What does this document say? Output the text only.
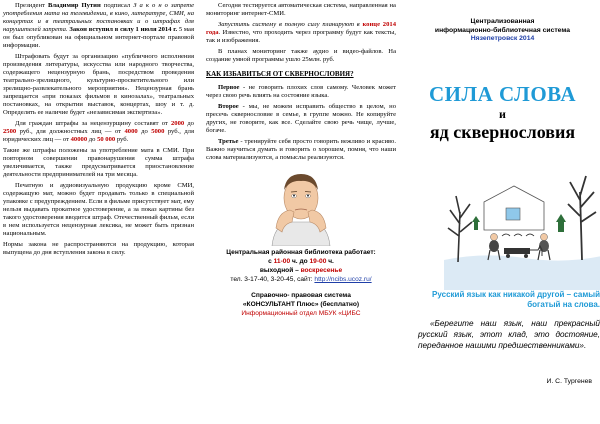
Президент Владимир Путин подписал З а к о н о запрете употребления мата на телевидении, в кино, литературе, СМИ, на концертах и в театральных постановках и о штрафах для нарушителей запрета. Закон вступил в силу 1 июля 2014 г. 5 мая он был опубликован на официальном интернет-портале правовой информации.

Штрафовать будут за организацию «публичного исполнения произведения литературы, искусства или народного творчества, содержащего нецензурную брань, посредством проведения театрально-зрелищного, культурно-просветительного или зрелищно-развлекательного мероприятия». Нецензурная брань запрещается «при показах фильмов в кинозалах», театральных постановках, на открытии выставок, концертах, шоу и т. д. Определять ее наличие будет «независимая экспертиза».

Для граждан штрафы за нецензурщину составят от 2000 до 2500 руб., для должностных лиц — от 4000 до 5000 руб., для юридических лиц — от 40000 до 50 000 руб.

Такие же штрафы положены за употребление мата в СМИ. При повторном совершении правонарушения сумма штрафа увеличивается, также предусматривается приостановление деятельности предпринимателей на три месяца.

Печатную и аудиовизуальную продукцию кроме СМИ, содержащую мат, можно будет продавать только в специальной упаковке с предупреждением. Если в фильме присутствует мат, ему нельзя выдавать прокатное удостоверение, а за показ картины без такого удостоверения вводится штраф. Отечественный фильм, если в нем используется нецензурная лексика, не может быть признан национальным.

Нормы закона не распространяются на продукцию, которая выпущена до дня вступления закона в силу.

Сегодня тестируется автоматическая система, направленная на мониторинг интернет-СМИ.

Запустить систему в полную силу планируют в конце 2014 года. Известно, что проходить через программу будут как тексты, так и изображения.

В планах мониторинг также аудио и видео-файлов. На создание умной программы ушло 25млн. руб.

КАК ИЗБАВИТЬСЯ ОТ СКВЕРНОСЛОВИЯ?

Первое - не говорить плохих слов самому. Человек может через свою речь влиять на состояние языка.

Второе - мы, не можем исправить общество в целом, но пресечь сквернословие в семье, в группе можно. Не копируйте других, не говорите, как все. Сделайте свою речь чище, лучше, богаче.

Третье - тренируйте себя просто говорить вежливо и красиво. Важно научиться думать и говорить о хорошем, помня, что наши слова материализуются, а помыслы реализуются.

Центральная районная библиотека работает:
с 11-00 ч. до 19-00 ч.
выходной – воскресенье
тел. 3-17-40, 3-20-45, сайт: http://ncibs.ucoz.ru/
Справочно- правовая система
«КОНСУЛЬТАНТ Плюс» (бесплатно)
Информационный отдел МБУК «ЦИБС
Централизованная
информационно-библиотечная система
Нязепетровск 2014
СИЛА СЛОВА
и
яд сквернословия
Русский язык как никакой другой – самый богатый на слова.
«Берегите наш язык, наш прекрасный русский язык, этот клад, это достояние, переданное нашими предшественниками».
И. С. Тургенев
